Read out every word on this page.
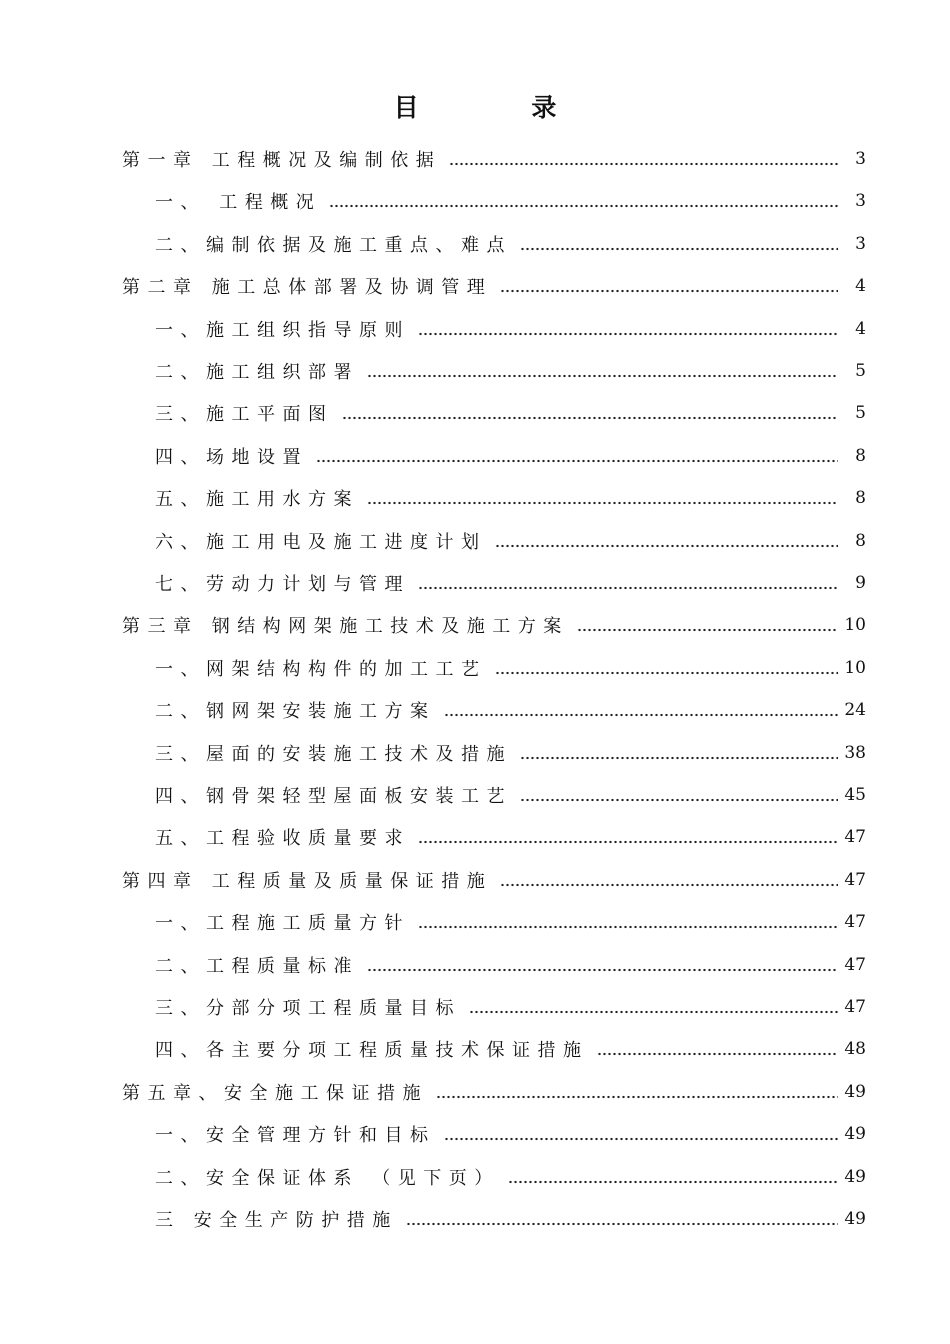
目 录
第一章 工程概况及编制依据	3
一、 工程概况	3
二、编制依据及施工重点、难点	3
第二章 施工总体部署及协调管理	4
一、施工组织指导原则	4
二、施工组织部署	5
三、施工平面图	5
四、场地设置	8
五、施工用水方案	8
六、施工用电及施工进度计划	8
七、劳动力计划与管理	9
第三章 钢结构网架施工技术及施工方案	10
一、网架结构构件的加工工艺	10
二、钢网架安装施工方案	24
三、屋面的安装施工技术及措施	38
四、钢骨架轻型屋面板安装工艺	45
五、工程验收质量要求	47
第四章 工程质量及质量保证措施	47
一、工程施工质量方针	47
二、工程质量标准	47
三、分部分项工程质量目标	47
四、各主要分项工程质量技术保证措施	48
第五章、安全施工保证措施	49
一、安全管理方针和目标	49
二、安全保证体系 （见下页）	49
三 安全生产防护措施	49
